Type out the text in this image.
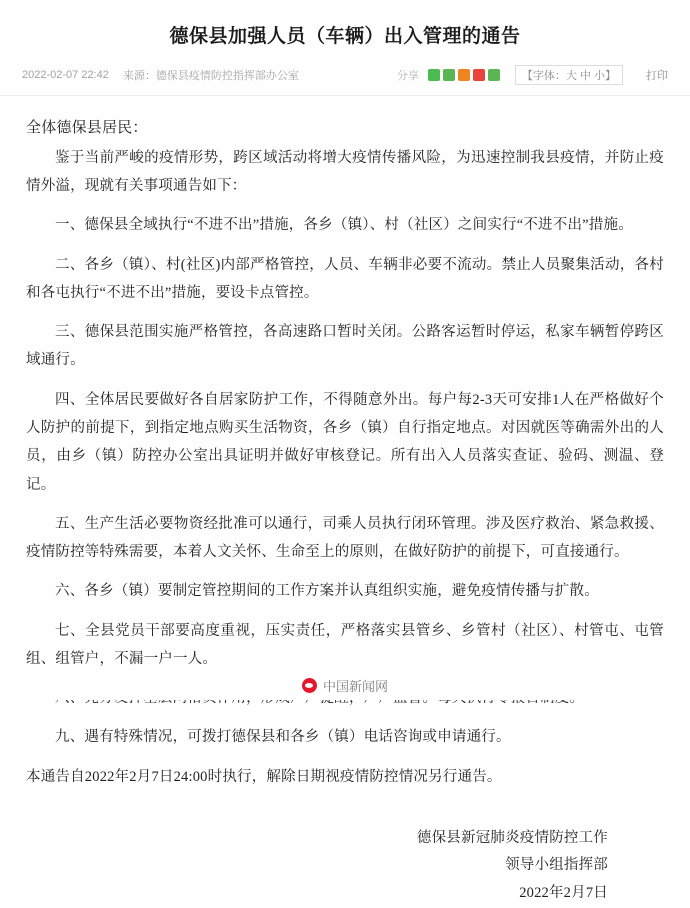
德保县加强人员（车辆）出入管理的通告
2022-02-07 22:42 来源：德保县疫情防控指挥部办公室	分享	【字体：大 中 小】	打印

全体德保县居民：

鉴于当前严峻的疫情形势，跨区域活动将增大疫情传播风险，为迅速控制我县疫情，并防止疫情外溢，现就有关事项通告如下：

一、德保县全域执行“不进不出”措施，各乡（镇）、村（社区）之间实行“不进不出”措施。

二、各乡（镇）、村(社区)内部严格管控，人员、车辆非必要不流动。禁止人员聚集活动，各村和各屯执行“不进不出”措施，要设卡点管控。

三、德保县范围实施严格管控，各高速路口暂时关闭。公路客运暂时停运，私家车辆暂停跨区域通行。

四、全体居民要做好各自居家防护工作，不得随意外出。每户每2-3天可安排1人在严格做好个人防护的前提下，到指定地点购买生活物资，各乡（镇）自行指定地点。对因就医等确需外出的人员，由乡（镇）防控办公室出具证明并做好审核登记。所有出入人员落实查证、验码、测温、登记。

五、生产生活必要物资经批准可以通行，司乘人员执行闭环管理。涉及医疗救治、紧急救援、疫情防控等特殊需要，本着人文关怀、生命至上的原则，在做好防护的前提下，可直接通行。

六、各乡（镇）要制定管控期间的工作方案并认真组织实施，避免疫情传播与扩散。

七、全县党员干部要高度重视，压实责任，严格落实县管乡、乡管村（社区）、村管屯、屯管组、组管户，不漏一户一人。

九、遇有特殊情况，可拨打德保县和各乡（镇）电话咨询或申请通行。

本通告自2022年2月7日24:00时执行，解除日期视疫情防控情况另行通告。

德保县新冠肺炎疫情防控工作
领导小组指挥部
2022年2月7日
中国新闻网
